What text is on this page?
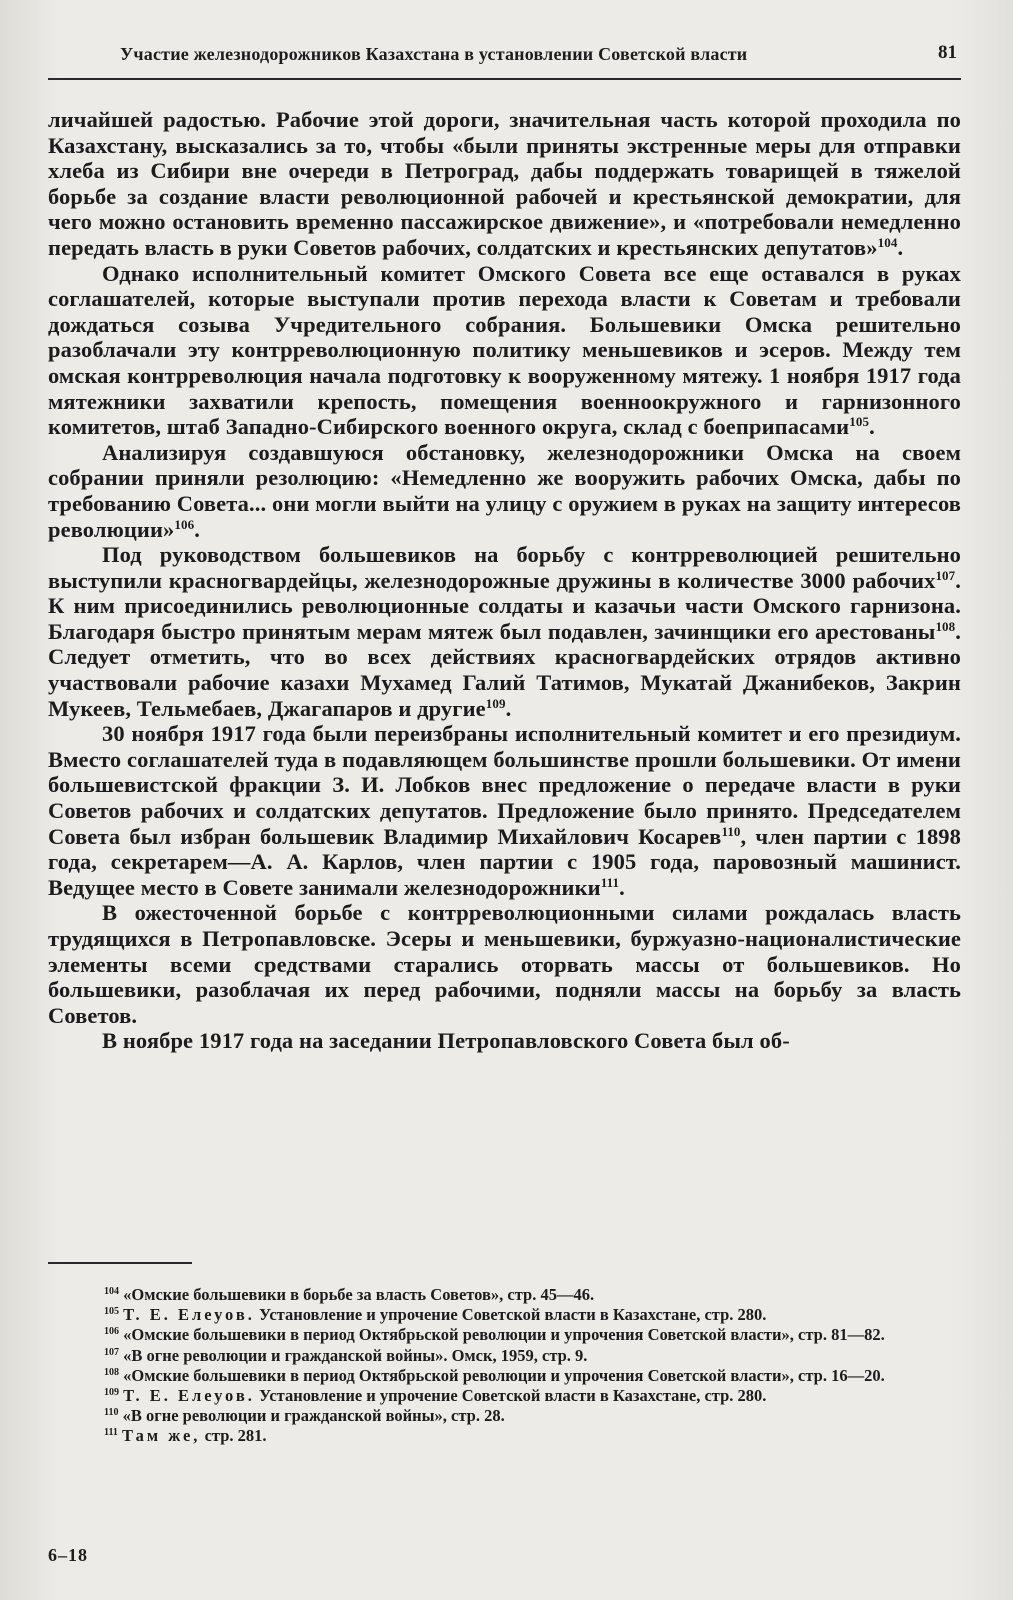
Участие железнодорожников Казахстана в установлении Советской власти	81

личайшей радостью. Рабочие этой дороги, значительная часть которой проходила по Казахстану, высказались за то, чтобы «были приняты экстренные меры для отправки хлеба из Сибири вне очереди в Петроград, дабы поддержать товарищей в тяжелой борьбе за создание власти революционной рабочей и крестьянской демократии, для чего можно остановить временно пассажирское движение», и «потребовали немедленно передать власть в руки Советов рабочих, солдатских и крестьянских депутатов»$^{104}$.

Однако исполнительный комитет Омского Совета все еще оставался в руках соглашателей, которые выступали против перехода власти к Советам и требовали дождаться созыва Учредительного собрания. Большевики Омска решительно разоблачали эту контрреволюционную политику меньшевиков и эсеров. Между тем омская контрреволюция начала подготовку к вооруженному мятежу. 1 ноября 1917 года мятежники захватили крепость, помещения военноокружного и гарнизонного комитетов, штаб Западно-Сибирского военного округа, склад с боеприпасами$^{105}$.

Анализируя создавшуюся обстановку, железнодорожники Омска на своем собрании приняли резолюцию: «Немедленно же вооружить рабочих Омска, дабы по требованию Совета... они могли выйти на улицу с оружием в руках на защиту интересов революции»$^{106}$.

Под руководством большевиков на борьбу с контрреволюцией решительно выступили красногвардейцы, железнодорожные дружины в количестве 3000 рабочих$^{107}$. К ним присоединились революционные солдаты и казачьи части Омского гарнизона. Благодаря быстро принятым мерам мятеж был подавлен, зачинщики его арестованы$^{108}$. Следует отметить, что во всех действиях красногвардейских отрядов активно участвовали рабочие казахи Мухамед Галий Татимов, Мукатай Джанибеков, Закрин Мукеев, Тельмебаев, Джагапаров и другие$^{109}$.

30 ноября 1917 года были переизбраны исполнительный комитет и его президиум. Вместо соглашателей туда в подавляющем большинстве прошли большевики. От имени большевистской фракции З. И. Лобков внес предложение о передаче власти в руки Советов рабочих и солдатских депутатов. Предложение было принято. Председателем Совета был избран большевик Владимир Михайлович Косарев$^{110}$, член партии с 1898 года, секретарем—А. А. Карлов, член партии с 1905 года, паровозный машинист. Ведущее место в Совете занимали железнодорожники$^{111}$.

В ожесточенной борьбе с контрреволюционными силами рождалась власть трудящихся в Петропавловске. Эсеры и меньшевики, буржуазно-националистические элементы всеми средствами старались оторвать массы от большевиков. Но большевики, разоблачая их перед рабочими, подняли массы на борьбу за власть Советов.

В ноябре 1917 года на заседании Петропавловского Совета был об-

$^{104}$ «Омские большевики в борьбе за власть Советов», стр. 45—46.

$^{105}$ Т. Е. Елеуов. Установление и упрочение Советской власти в Казахстане, стр. 280.

$^{106}$ «Омские большевики в период Октябрьской революции и упрочения Советской власти», стр. 81—82.

$^{107}$ «В огне революции и гражданской войны». Омск, 1959, стр. 9.

$^{108}$ «Омские большевики в период Октябрьской революции и упрочения Советской власти», стр. 16—20.

$^{109}$ Т. Е. Елеуов. Установление и упрочение Советской власти в Казахстане, стр. 280.

$^{110}$ «В огне революции и гражданской войны», стр. 28.

$^{111}$ Там же, стр. 281.

6–18
